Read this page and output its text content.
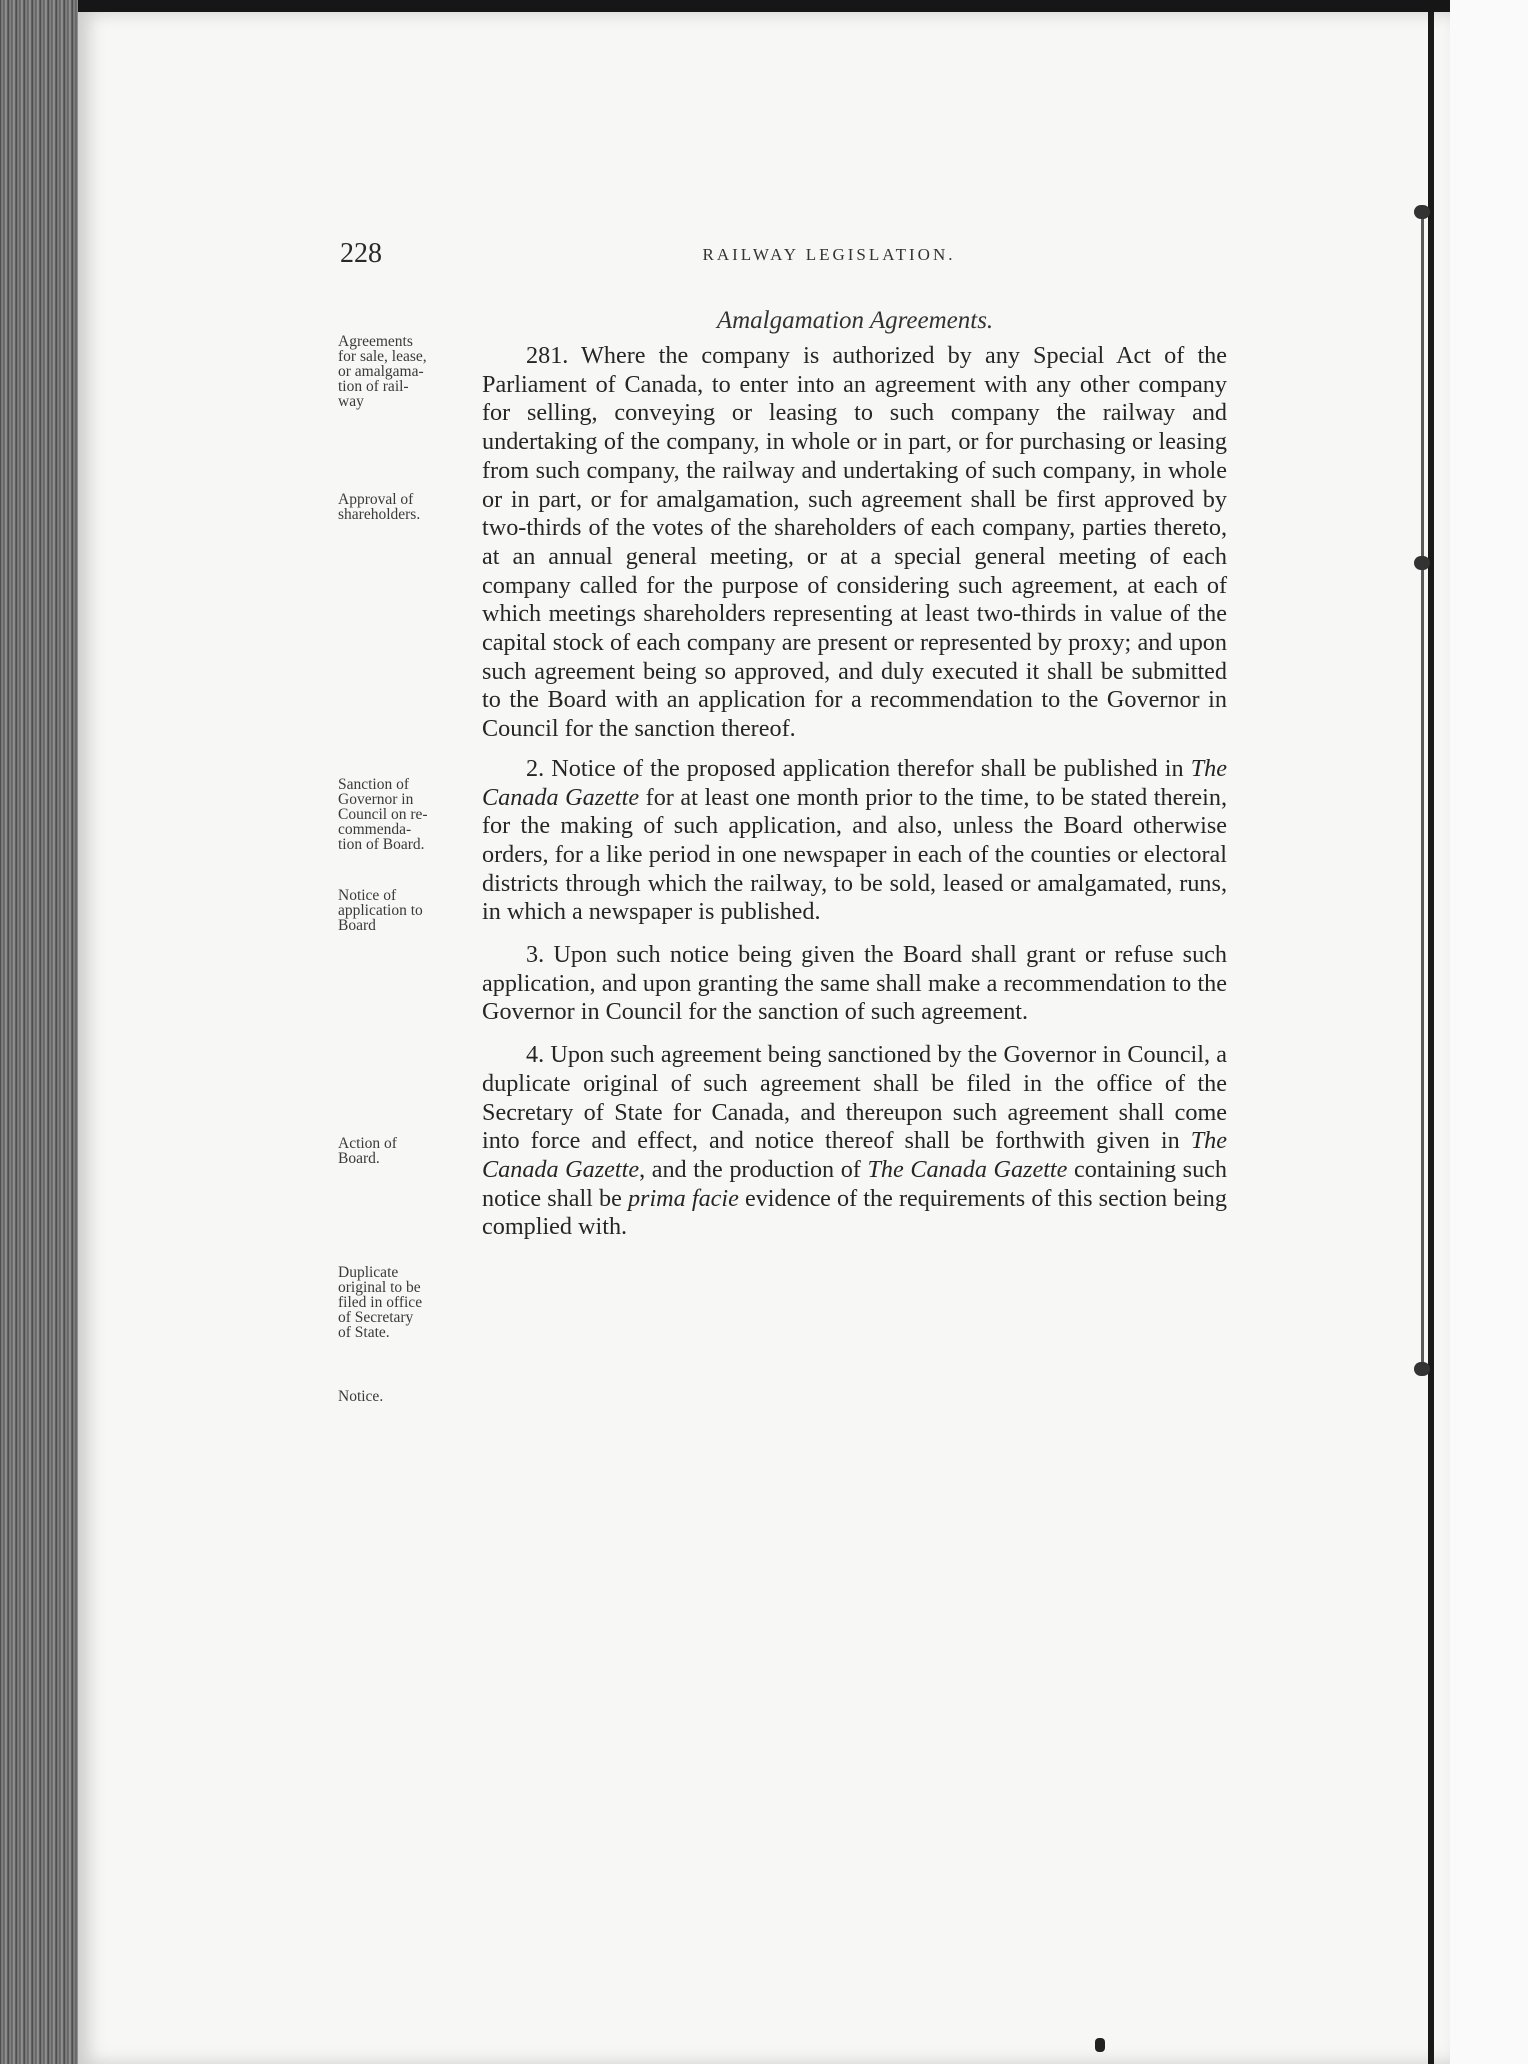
228	RAILWAY LEGISLATION.
Amalgamation Agreements.
Agreements
for sale, lease,
or amalgama-
tion of rail-
way
Approval of
shareholders.
Sanction of
Governor in
Council on re-
commenda-
tion of Board.
Notice of
application to
Board
Action of
Board.
Duplicate
original to be
filed in office
of Secretary
of State.
Notice.

281. Where the company is authorized by any Special Act of the Parliament of Canada, to enter into an agreement with any other company for selling, conveying or leasing to such company the railway and undertaking of the company, in whole or in part, or for purchasing or leasing from such company, the railway and undertaking of such company, in whole or in part, or for amalgamation, such agreement shall be first approved by two-thirds of the votes of the shareholders of each company, parties thereto, at an annual general meeting, or at a special general meeting of each company called for the purpose of considering such agreement, at each of which meetings shareholders representing at least two-thirds in value of the capital stock of each company are present or represented by proxy; and upon such agreement being so approved, and duly executed it shall be submitted to the Board with an application for a recommendation to the Governor in Council for the sanction thereof.

2. Notice of the proposed application therefor shall be published in The Canada Gazette for at least one month prior to the time, to be stated therein, for the making of such application, and also, unless the Board otherwise orders, for a like period in one newspaper in each of the counties or electoral districts through which the railway, to be sold, leased or amalgamated, runs, in which a newspaper is published.

3. Upon such notice being given the Board shall grant or refuse such application, and upon granting the same shall make a recommendation to the Governor in Council for the sanction of such agreement.

4. Upon such agreement being sanctioned by the Governor in Council, a duplicate original of such agreement shall be filed in the office of the Secretary of State for Canada, and thereupon such agreement shall come into force and effect, and notice thereof shall be forthwith given in The Canada Gazette, and the production of The Canada Gazette containing such notice shall be prima facie evidence of the requirements of this section being complied with.
